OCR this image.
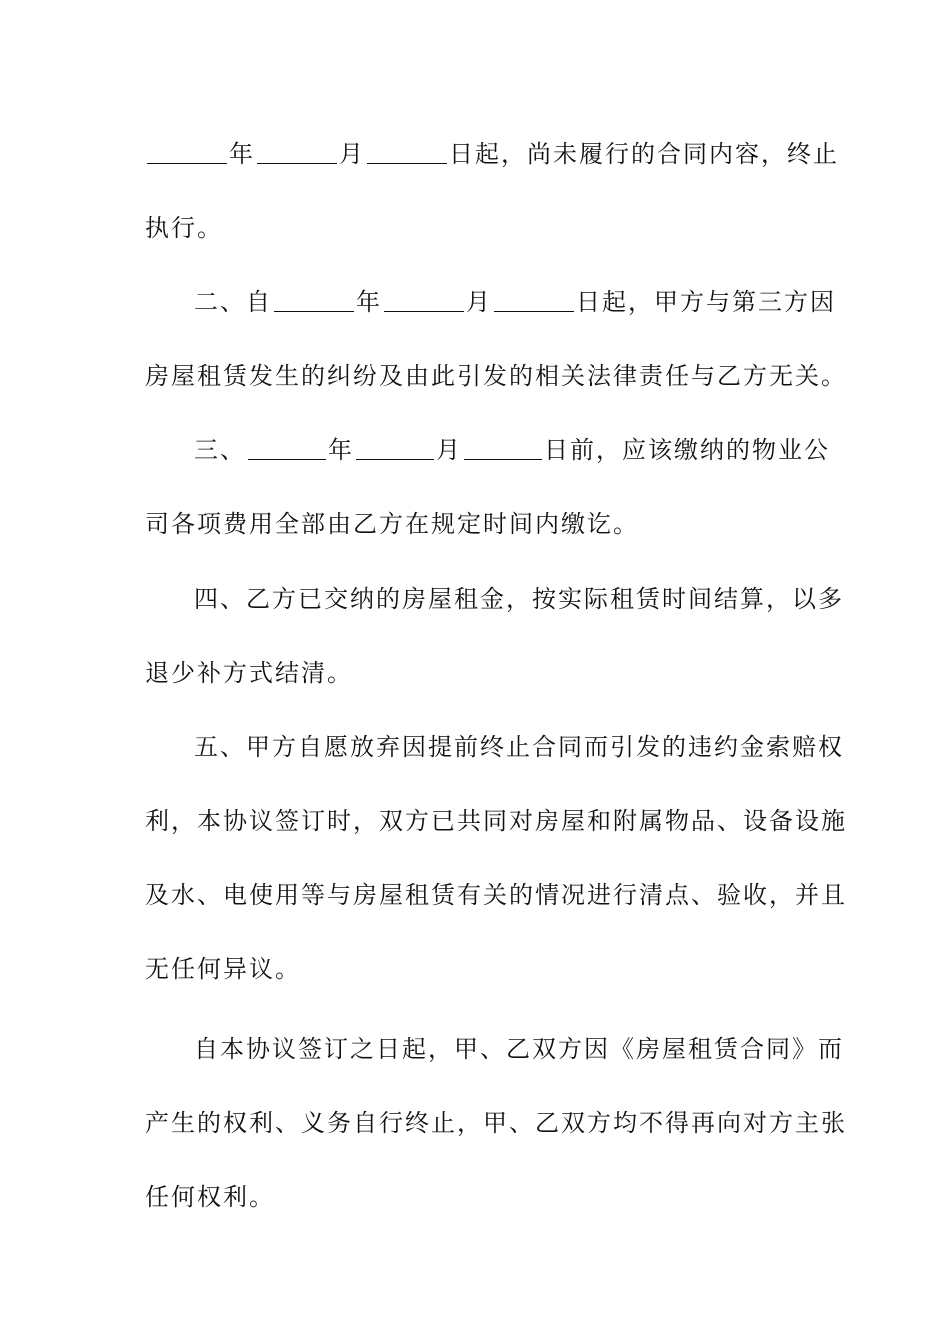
年	月	日起，尚未履行的合同内容，终止
执行。
二、自	年	月	日起，甲方与第三方因
房屋租赁发生的纠纷及由此引发的相关法律责任与乙方无关。
三、	年	月	日前，应该缴纳的物业公
司各项费用全部由乙方在规定时间内缴讫。
四、乙方已交纳的房屋租金，按实际租赁时间结算，以多
退少补方式结清。
五、甲方自愿放弃因提前终止合同而引发的违约金索赔权
利，本协议签订时，双方已共同对房屋和附属物品、设备设施
及水、电使用等与房屋租赁有关的情况进行清点、验收，并且
无任何异议。
自本协议签订之日起，甲、乙双方因《房屋租赁合同》而
产生的权利、义务自行终止，甲、乙双方均不得再向对方主张
任何权利。
